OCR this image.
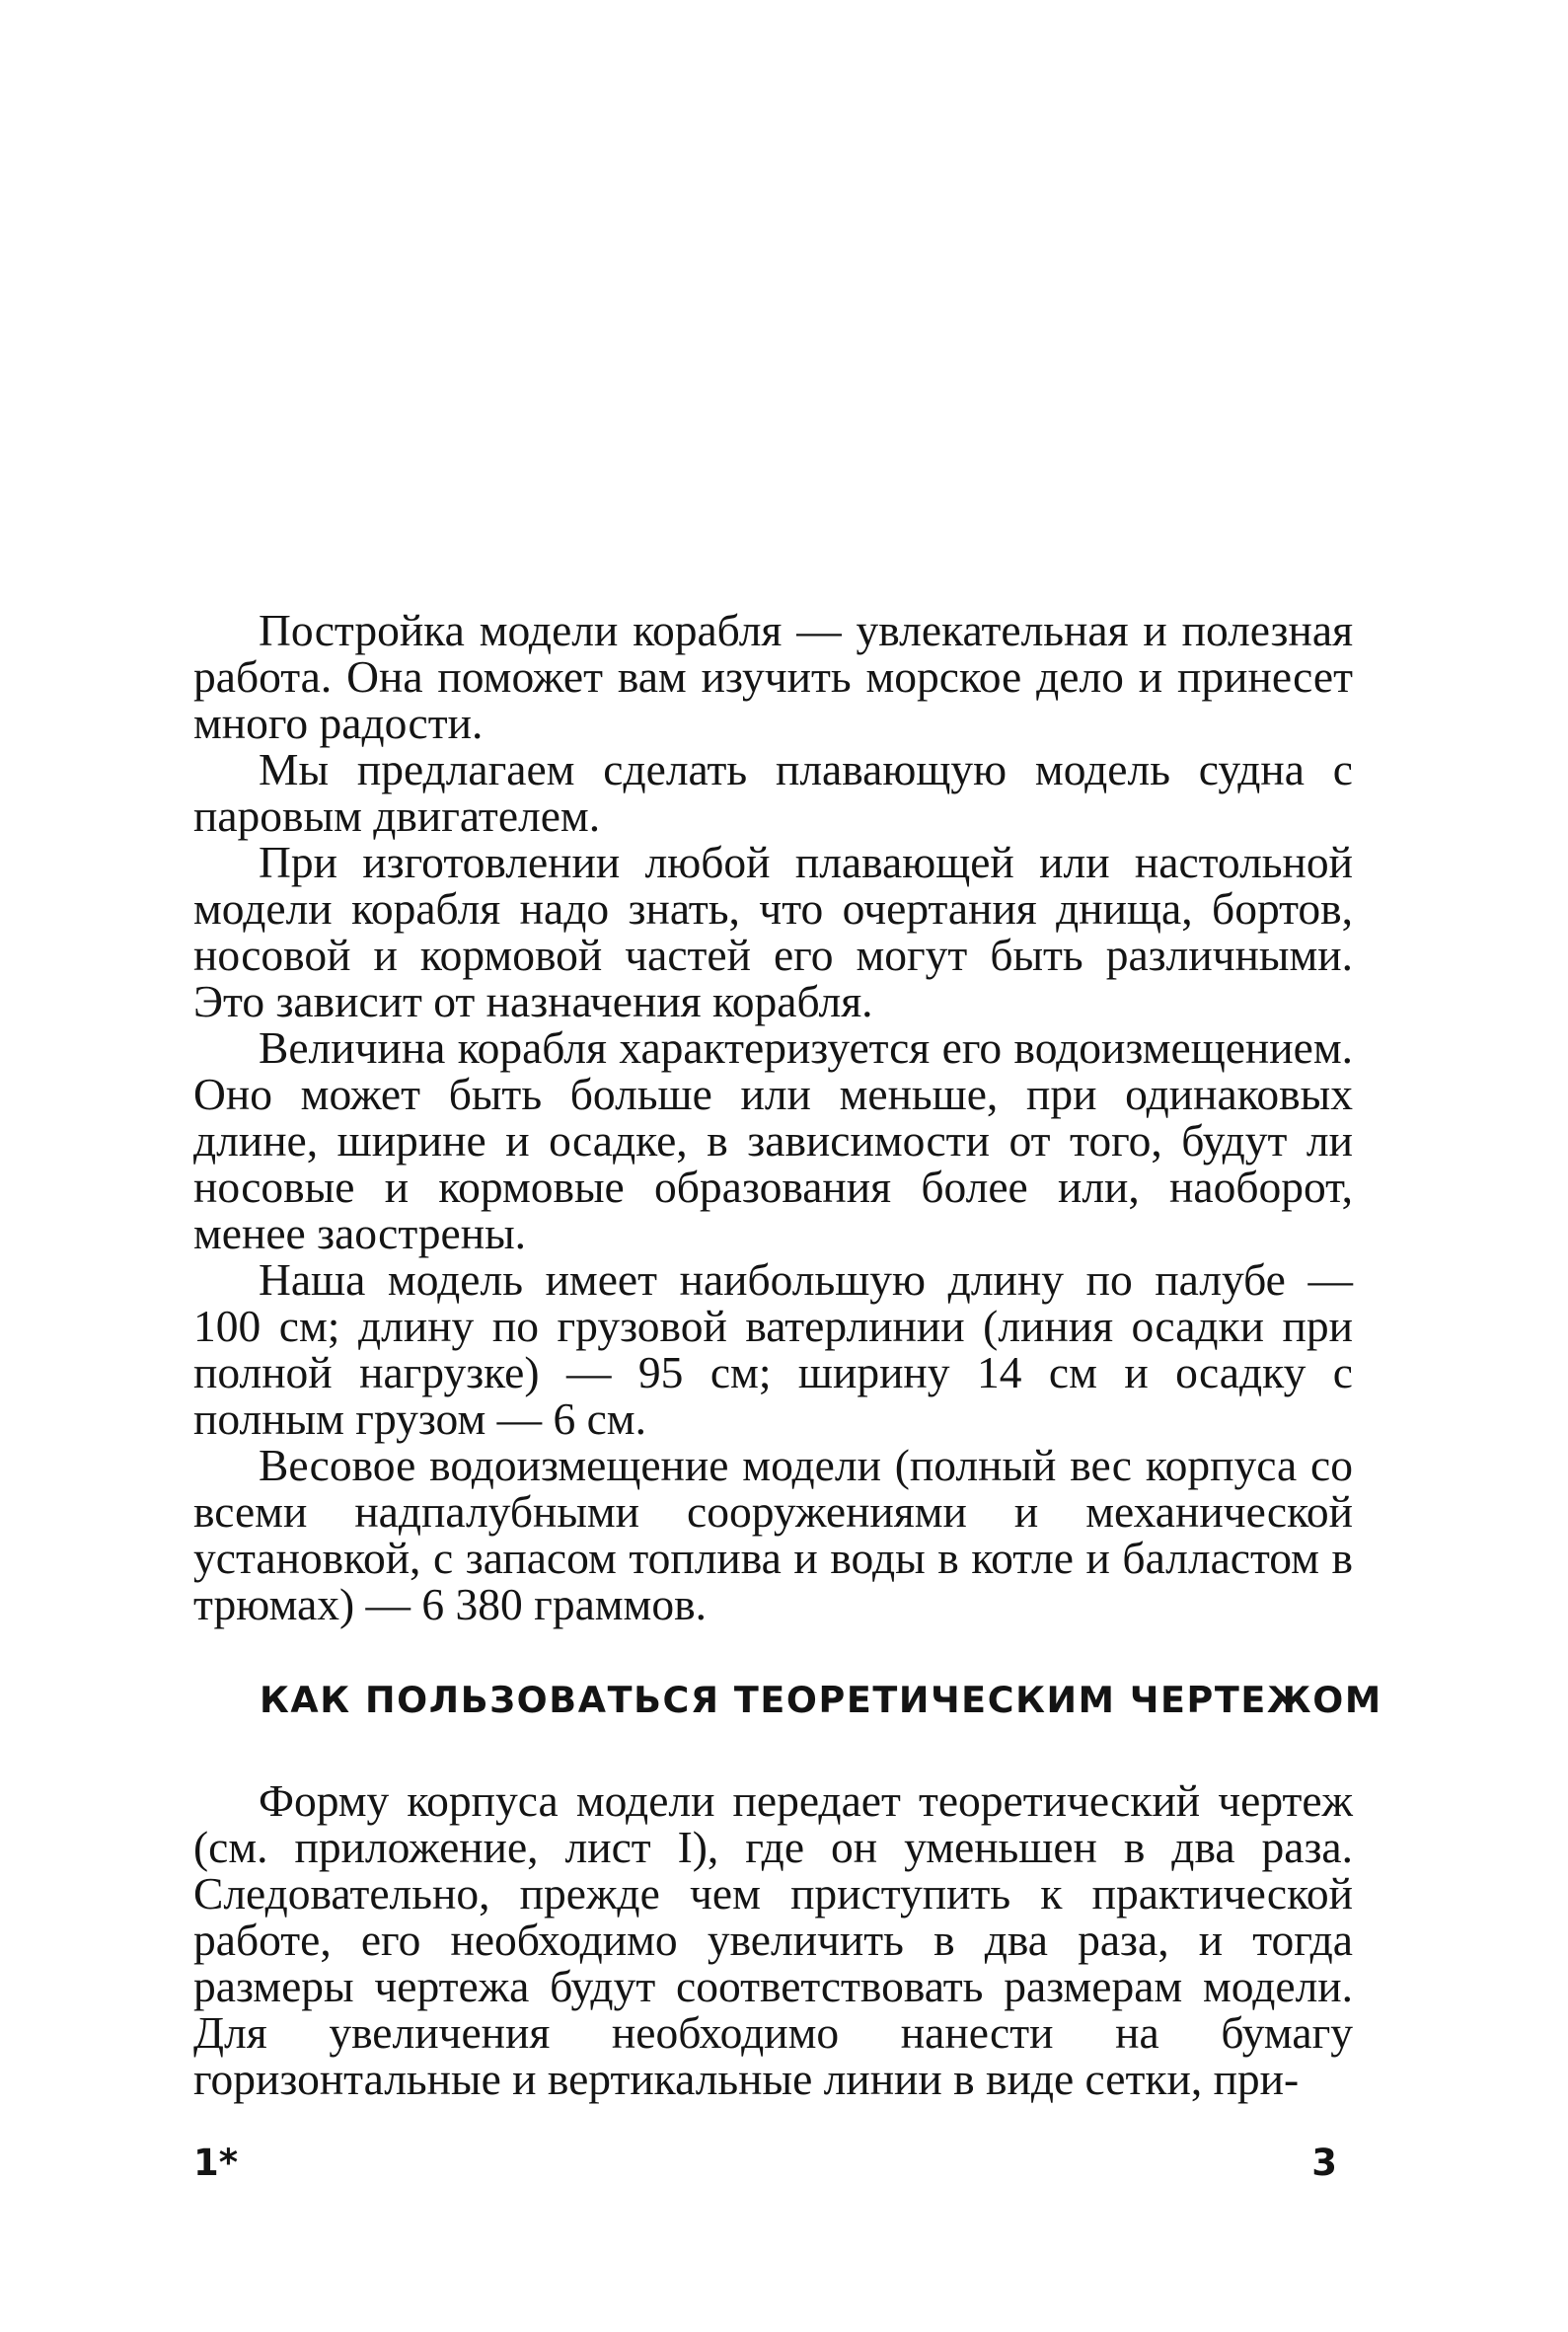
Постройка модели корабля — увлекательная и полезная работа. Она поможет вам изучить морское дело и принесет много радости.

Мы предлагаем сделать плавающую модель судна с паровым двигателем.

При изготовлении любой плавающей или настольной модели корабля надо знать, что очертания днища, бортов, носовой и кормовой частей его могут быть различными. Это зависит от назначения корабля.

Величина корабля характеризуется его водоизмещением. Оно может быть больше или меньше, при одинаковых длине, ширине и осадке, в зависимости от того, будут ли носовые и кормовые образования более или, наоборот, менее заострены.

Наша модель имеет наибольшую длину по палубе — 100 см; длину по грузовой ватерлинии (линия осадки при полной нагрузке) — 95 см; ширину 14 см и осадку с полным грузом — 6 см.

Весовое водоизмещение модели (полный вес корпуса со всеми надпалубными сооружениями и механической установкой, с запасом топлива и воды в котле и балластом в трюмах) — 6 380 граммов.

КАК ПОЛЬЗОВАТЬСЯ ТЕОРЕТИЧЕСКИМ ЧЕРТЕЖОМ

Форму корпуса модели передает теоретический чертеж (см. приложение, лист I), где он уменьшен в два раза. Следовательно, прежде чем приступить к практической работе, его необходимо увеличить в два раза, и тогда размеры чертежа будут соответствовать размерам модели. Для увеличения необходимо нанести на бумагу горизонтальные и вертикальные линии в виде сетки, при-

1*	3
